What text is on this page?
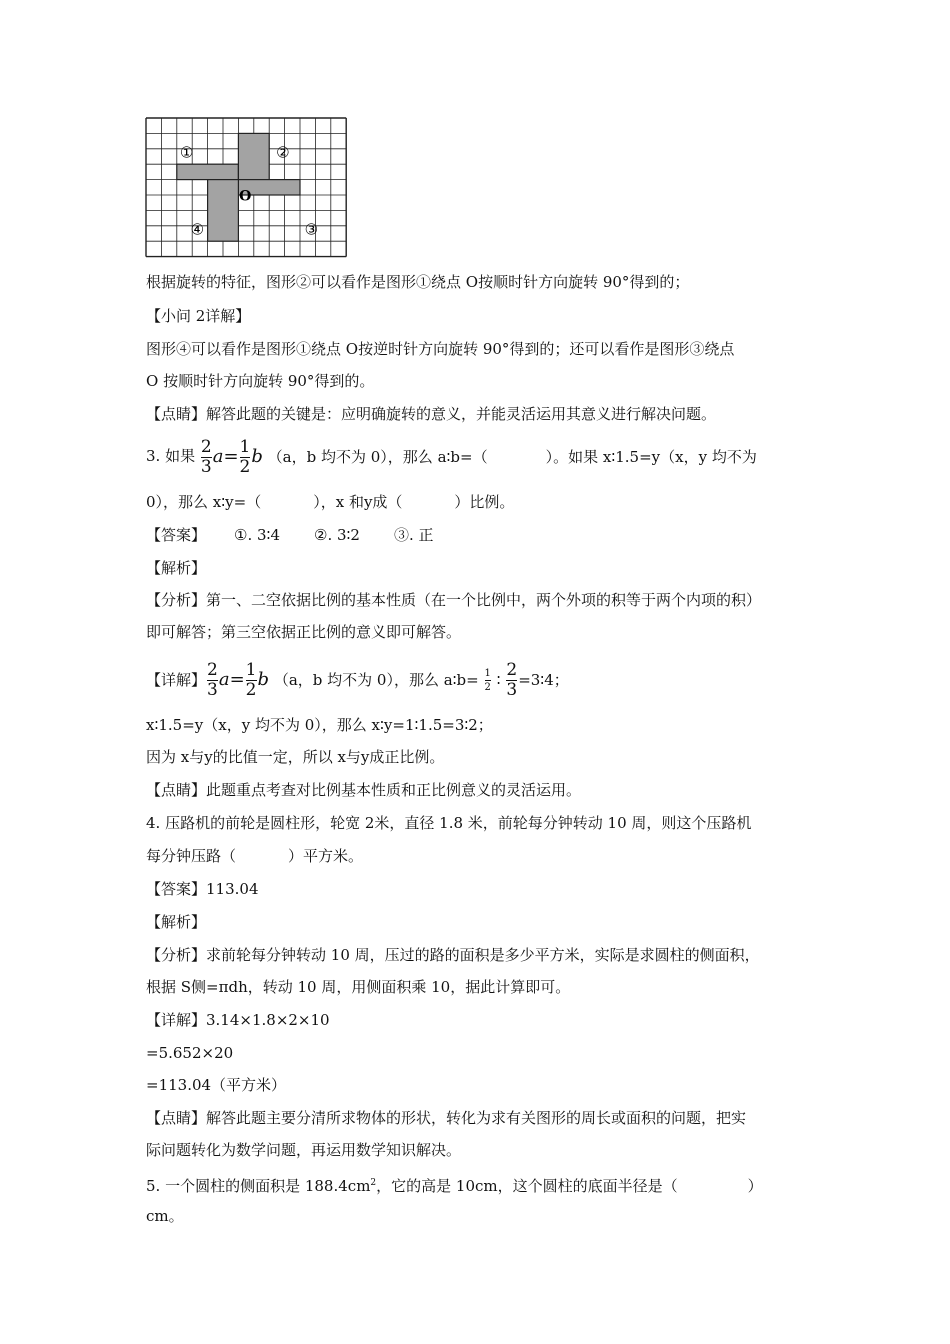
①	②
③
④
O
根据旋转的特征，图形②可以看作是图形①绕点 O按顺时针方向旋转 90°得到的；
【小问 2详解】
图形④可以看作是图形①绕点 O按逆时针方向旋转 90°得到的；还可以看作是图形③绕点
O 按顺时针方向旋转 90°得到的。
【点睛】解答此题的关键是：应明确旋转的意义，并能灵活运用其意义进行解决问题。
3. 如果 $\frac{2}{3} a= \frac{1}{2}$ b （a，b 均不为 0），那么 a∶b=（	）。如果 x∶1.5=y（x，y 均不为
0），那么 x∶y=（	），x 和y成（	）比例。
【答案】 ①. 3∶4 ②. 3∶2 ③. 正
【解析】
【分析】第一、二空依据比例的基本性质（在一个比例中，两个外项的积等于两个内项的积）
即可解答；第三空依据正比例的意义即可解答。
【详解】 $\frac{2}{3} a= \frac{1}{2}$ b （a，b 均不为 0），那么 a∶b= $\frac{1}{2}$ ∶ $\frac{2}{3}$ =3∶4；
x∶1.5=y（x，y 均不为 0），那么 x∶y=1∶1.5=3∶2；
因为 x与y的比值一定，所以 x与y成正比例。
【点睛】此题重点考查对比例基本性质和正比例意义的灵活运用。
4. 压路机的前轮是圆柱形，轮宽 2米，直径 1.8 米，前轮每分钟转动 10 周，则这个压路机
每分钟压路（	）平方米。
【答案】113.04
【解析】
【分析】求前轮每分钟转动 10 周，压过的路的面积是多少平方米，实际是求圆柱的侧面积，
根据 S侧=πdh，转动 10 周，用侧面积乘 10，据此计算即可。
【详解】3.14×1.8×2×10
=5.652×20
=113.04（平方米）
【点睛】解答此题主要分清所求物体的形状，转化为求有关图形的周长或面积的问题，把实
际问题转化为数学问题，再运用数学知识解决。
5. 一个圆柱的侧面积是 $188.4cm^2$，它的高是 10cm，这个圆柱的底面半径是（	）
cm。
